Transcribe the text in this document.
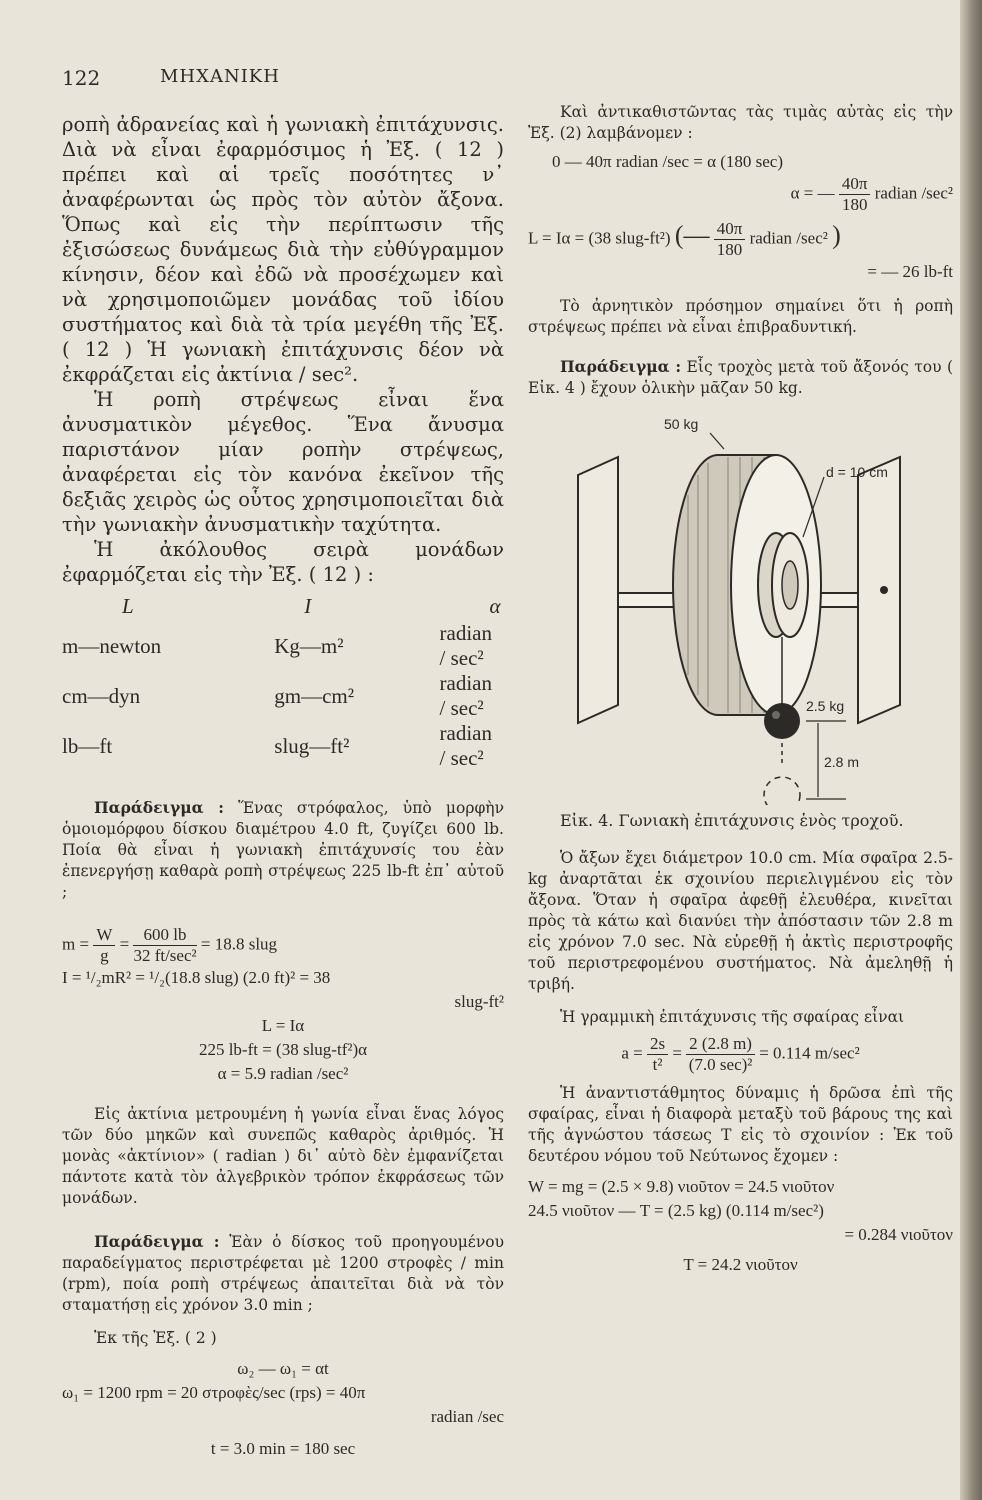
122	ΜΗΧΑΝΙΚΗ

ροπὴ ἀδρανείας καὶ ἡ γωνιακὴ ἐπιτάχυνσις. Διὰ νὰ εἶναι ἐφαρμόσιμος ἡ Ἐξ. ( 12 ) πρέπει καὶ αἱ τρεῖς ποσότητες ν᾽ ἀναφέρωνται ὡς πρὸς τὸν αὐτὸν ἄξονα. Ὅπως καὶ εἰς τὴν περίπτωσιν τῆς ἐξισώσεως δυνάμεως διὰ τὴν εὐθύγραμμον κίνησιν, δέον καὶ ἐδῶ νὰ προσέχωμεν καὶ νὰ χρησιμοποιῶμεν μονάδας τοῦ ἰδίου συστήματος καὶ διὰ τὰ τρία μεγέθη τῆς Ἐξ. ( 12 ) Ἡ γωνιακὴ ἐπιτάχυνσις δέον νὰ ἐκφράζεται εἰς ἀκτίνια / sec².

Ἡ ροπὴ στρέψεως εἶναι ἕνα ἀνυσματικὸν μέγεθος. Ἕνα ἄνυσμα παριστάνον μίαν ροπὴν στρέψεως, ἀναφέρεται εἰς τὸν κανόνα ἐκεῖνον τῆς δεξιᾶς χειρὸς ὡς οὗτος χρησιμοποιεῖται διὰ τὴν γωνιακὴν ἀνυσματικὴν ταχύτητα.

Ἡ ἀκόλουθος σειρὰ μονάδων ἐφαρμόζεται εἰς τὴν Ἐξ. ( 12 ) :

L	I	α
m—newton	Kg—m²	radian / sec²
cm—dyn	gm—cm²	radian / sec²
lb—ft	slug—ft²	radian / sec²

Παράδειγμα : Ἕνας στρόφαλος, ὑπὸ μορφὴν ὁμοιομόρφου δίσκου διαμέτρου 4.0 ft, ζυγίζει 600 lb. Ποία θὰ εἶναι ἡ γωνιακὴ ἐπιτάχυνσίς του ἐὰν ἐπενεργήσῃ καθαρὰ ροπὴ στρέψεως 225 lb-ft ἐπ᾽ αὐτοῦ ;

$m = \frac{W}{g} = \frac{600 lb}{\text{32 ft/sec²}} = 18.8$ slug
I = ¹/₂mR² = ¹/₂(18.8 slug) (2.0 ft)² = 38
slug-ft²
L = Iα
225 lb-ft = (38 slug-tf²)α
α = 5.9 radian /sec²

Εἰς ἀκτίνια μετρουμένη ἡ γωνία εἶναι ἕνας λόγος τῶν δύο μηκῶν καὶ συνεπῶς καθαρὸς ἀριθμός. Ἡ μονὰς «ἀκτίνιον» ( radian ) δι᾽ αὐτὸ δὲν ἐμφανίζεται πάντοτε κατὰ τὸν ἀλγεβρικὸν τρόπον ἐκφράσεως τῶν μονάδων.

Παράδειγμα : Ἐὰν ὁ δίσκος τοῦ προηγουμένου παραδείγματος περιστρέφεται μὲ 1200 στροφὲς / min (rpm), ποία ροπὴ στρέψεως ἀπαιτεῖται διὰ νὰ τὸν σταματήσῃ εἰς χρόνον 3.0 min ;

Ἐκ τῆς Ἐξ. ( 2 )

ω₂ — ω₁ = αt
ω₁ = 1200 rpm = 20 στροφὲς/sec (rps) = 40π
radian /sec
t = 3.0 min = 180 sec

Καὶ ἀντικαθιστῶντας τὰς τιμὰς αὐτὰς εἰς τὴν Ἐξ. (2) λαμβάνομεν :

0 — 40π radian /sec = α (180 sec)
α = — $\frac{40\pi}{180}$ radian /sec²
L = Iα = (38 slug-ft²) (— $\frac{40\pi}{180}$ radian /sec² )
= — 26 lb-ft

Τὸ ἀρνητικὸν πρόσημον σημαίνει ὅτι ἡ ροπὴ στρέψεως πρέπει νὰ εἶναι ἐπιβραδυντική.

Παράδειγμα : Εἷς τροχὸς μετὰ τοῦ ἄξονός του ( Εἰκ. 4 ) ἔχουν ὁλικὴν μᾶζαν 50 kg.

50 kg
d = 10 cm
2.5 kg
2.8 m

Εἰκ. 4. Γωνιακὴ ἐπιτάχυνσις ἑνὸς τροχοῦ.

Ὁ ἄξων ἔχει διάμετρον 10.0 cm. Μία σφαῖρα 2.5-kg ἀναρτᾶται ἐκ σχοινίου περιελιγμένου εἰς τὸν ἄξονα. Ὅταν ἡ σφαῖρα ἀφεθῇ ἐλευθέρα, κινεῖται πρὸς τὰ κάτω καὶ διανύει τὴν ἀπόστασιν τῶν 2.8 m εἰς χρόνον 7.0 sec. Νὰ εὑρεθῇ ἡ ἀκτὶς περιστροφῆς τοῦ περιστρεφομένου συστήματος. Νὰ ἀμεληθῇ ἡ τριβή.

Ἡ γραμμικὴ ἐπιτάχυνσις τῆς σφαίρας εἶναι

$a = \frac{2s}{\text{t²}} = \frac{2 (2.8 m)}{\text{(7.0 sec)²}} = 0.114$ m/sec²

Ἡ ἀναντιστάθμητος δύναμις ἡ δρῶσα ἐπὶ τῆς σφαίρας, εἶναι ἡ διαφορὰ μεταξὺ τοῦ βάρους της καὶ τῆς ἀγνώστου τάσεως T εἰς τὸ σχοινίον : Ἐκ τοῦ δευτέρου νόμου τοῦ Νεύτωνος ἔχομεν :

W = mg = (2.5 × 9.8) νιοῦτον = 24.5 νιοῦτον
24.5 νιοῦτον — T = (2.5 kg) (0.114 m/sec²)
= 0.284 νιοῦτον
T = 24.2 νιοῦτον
